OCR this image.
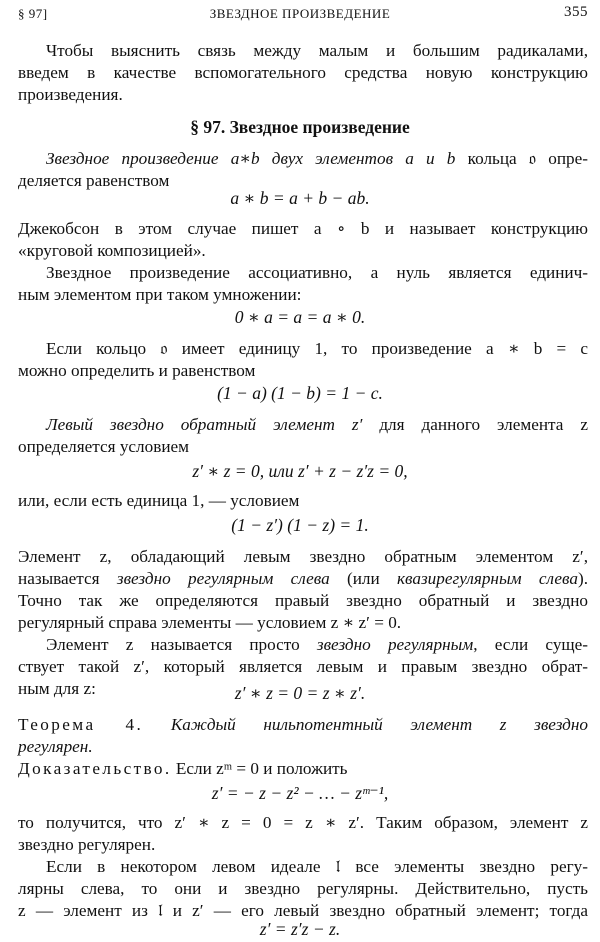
§ 97]	ЗВЕЗДНОЕ ПРОИЗВЕДЕНИЕ	355
Чтобы выяснить связь между малым и большим радикалами,
введем в качестве вспомогательного средства новую конструкцию
произведения.
§ 97. Звездное произведение
Звездное произведение a∗b двух элементов a и b кольца 𝔬 опре-
деляется равенством
a ∗ b = a + b − ab.
Джекобсон в этом случае пишет a ∘ b и называет конструкцию
«круговой композицией».
Звездное произведение ассоциативно, а нуль является единич-
ным элементом при таком умножении:
0 ∗ a = a = a ∗ 0.
Если кольцо 𝔬 имеет единицу 1, то произведение a ∗ b = c
можно определить и равенством
(1 − a) (1 − b) = 1 − c.
Левый звездно обратный элемент z′ для данного элемента z
определяется условием
z′ ∗ z = 0, или z′ + z − z′z = 0,
или, если есть единица 1, — условием
(1 − z′) (1 − z) = 1.
Элемент z, обладающий левым звездно обратным элементом z′,
называется звездно регулярным слева (или квазирегулярным слева).
Точно так же определяются правый звездно обратный и звездно
регулярный справа элементы — условием z ∗ z′ = 0.
Элемент z называется просто звездно регулярным, если суще-
ствует такой z′, который является левым и правым звездно обрат-
ным для z:	z′ ∗ z = 0 = z ∗ z′.
Теорема 4. Каждый нильпотентный элемент z звездно
регулярен.
Доказательство. Если zᵐ = 0 и положить
z′ = − z − z² − … − zᵐ⁻¹,
то получится, что z′ ∗ z = 0 = z ∗ z′. Таким образом, элемент z
звездно регулярен.
Если в некотором левом идеале 𝔩 все элементы звездно регу-
лярны слева, то они и звездно регулярны. Действительно, пусть
z — элемент из 𝔩 и z′ — его левый звездно обратный элемент; тогда
z′ = z′z − z.
